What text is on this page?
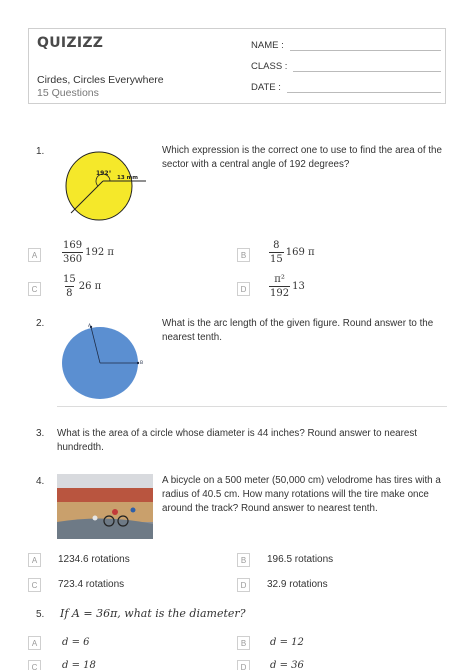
QUIZIZZ
Cirdes, Circles Everywhere
15 Questions
NAME :
CLASS :
DATE :
1.
192°
13 mm
Which expression is the correct one to use to find the area of the sector with a central angle of 192 degrees?
A	$\frac{169}{360} 192$ π	B	$\frac{8}{15} 169$ π
C	$\frac{15}{8} 26$ π	D	$\frac{\text{π²}}{192} 13$
2.	A
B
What is the arc length of the given figure. Round answer to the nearest tenth.
3. What is the area of a circle whose diameter is 44 inches? Round answer to nearest hundredth.
4.	A bicycle on a 500 meter (50,000 cm) velodrome has tires with a radius of 40.5 cm. How many rotations will the tire make once around the track? Round answer to nearest tenth.
A	1234.6 rotations	B	196.5 rotations
C	723.4 rotations	D	32.9 rotations
5. If A = 36π, what is the diameter?
A	d = 6	B	d = 12
C	d = 18	D	d = 36
